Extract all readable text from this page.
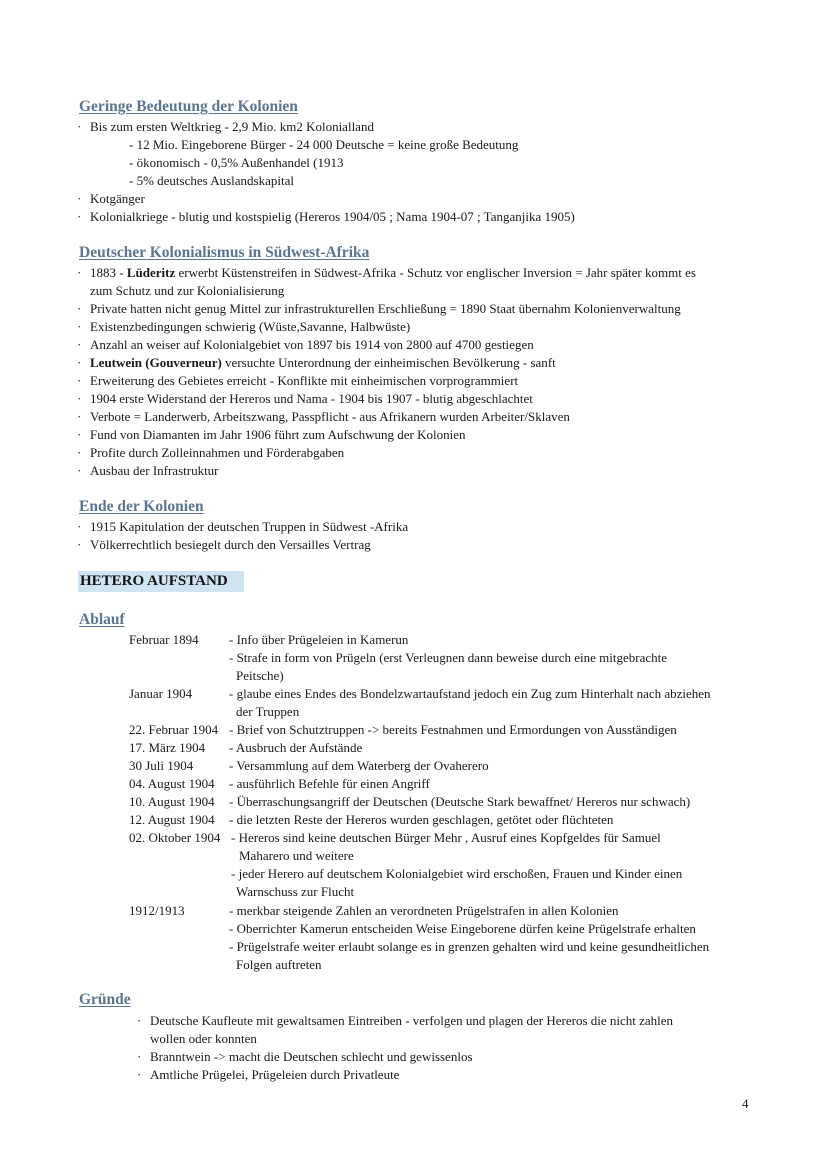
Geringe Bedeutung der Kolonien
· Bis zum ersten Weltkrieg - 2,9 Mio. km2 Kolonialland
- 12 Mio. Eingeborene Bürger - 24 000 Deutsche = keine große Bedeutung
- ökonomisch - 0,5% Außenhandel (1913
- 5% deutsches Auslandskapital
· Kotgänger
· Kolonialkriege - blutig und kostspielig (Hereros 1904/05 ; Nama 1904-07 ; Tanganjika 1905)
Deutscher Kolonialismus in Südwest-Afrika
· 1883 - Lüderitz erwerbt Küstenstreifen in Südwest-Afrika - Schutz vor englischer Inversion = Jahr später kommt es
zum Schutz und zur Kolonialisierung
· Private hatten nicht genug Mittel zur infrastrukturellen Erschließung = 1890 Staat übernahm Kolonienverwaltung
· Existenzbedingungen schwierig (Wüste,Savanne, Halbwüste)
· Anzahl an weiser auf Kolonialgebiet von 1897 bis 1914 von 2800 auf 4700 gestiegen
· Leutwein (Gouverneur) versuchte Unterordnung der einheimischen Bevölkerung - sanft
· Erweiterung des Gebietes erreicht - Konflikte mit einheimischen vorprogrammiert
· 1904 erste Widerstand der Hereros und Nama - 1904 bis 1907 - blutig abgeschlachtet
· Verbote = Landerwerb, Arbeitszwang, Passpflicht - aus Afrikanern wurden Arbeiter/Sklaven
· Fund von Diamanten im Jahr 1906 führt zum Aufschwung der Kolonien
· Profite durch Zolleinnahmen und Förderabgaben
· Ausbau der Infrastruktur
Ende der Kolonien
· 1915 Kapitulation der deutschen Truppen in Südwest -Afrika
· Völkerrechtlich besiegelt durch den Versailles Vertrag
HETERO AUFSTAND
Ablauf
Februar 1894 - Info über Prügeleien in Kamerun
- Strafe in form von Prügeln (erst Verleugnen dann beweise durch eine mitgebrachte
Peitsche)
Januar 1904	- glaube eines Endes des Bondelzwartaufstand jedoch ein Zug zum Hinterhalt nach abziehen
der Truppen
22. Februar 1904 - Brief von Schutztruppen -> bereits Festnahmen und Ermordungen von Ausständigen
17. März 1904 - Ausbruch der Aufstände
30 Juli 1904	- Versammlung auf dem Waterberg der Ovaherero
04. August 1904 - ausführlich Befehle für einen Angriff
10. August 1904 - Überraschungsangriff der Deutschen (Deutsche Stark bewaffnet/ Hereros nur schwach)
12. August 1904 - die letzten Reste der Hereros wurden geschlagen, getötet oder flüchteten
02. Oktober 1904 - Hereros sind keine deutschen Bürger Mehr , Ausruf eines Kopfgeldes für Samuel
Maharero und weitere
- jeder Herero auf deutschem Kolonialgebiet wird erschoßen, Frauen und Kinder einen
Warnschuss zur Flucht
1912/1913	- merkbar steigende Zahlen an verordneten Prügelstrafen in allen Kolonien
- Oberrichter Kamerun entscheiden Weise Eingeborene dürfen keine Prügelstrafe erhalten
- Prügelstrafe weiter erlaubt solange es in grenzen gehalten wird und keine gesundheitlichen
Folgen auftreten
Gründe
· Deutsche Kaufleute mit gewaltsamen Eintreiben - verfolgen und plagen der Hereros die nicht zahlen
wollen oder konnten
· Branntwein -> macht die Deutschen schlecht und gewissenlos
· Amtliche Prügelei, Prügeleien durch Privatleute
4
